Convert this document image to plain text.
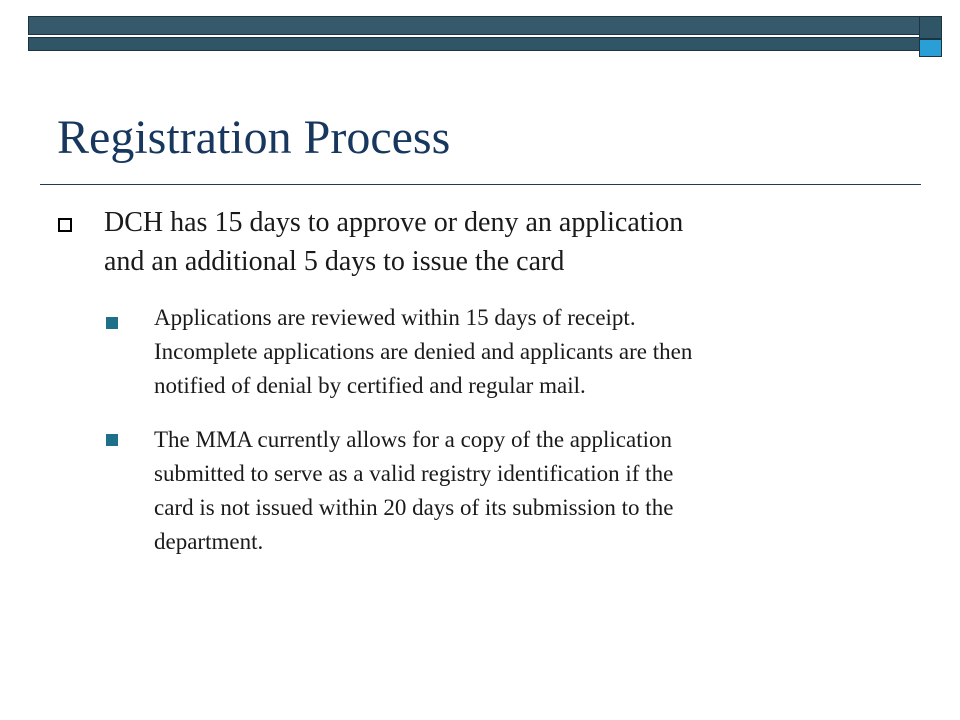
Registration Process
DCH has 15 days to approve or deny an application
and an additional 5 days to issue the card
Applications are reviewed within 15 days of receipt.
Incomplete applications are denied and applicants are then
notified of denial by certified and regular mail.
The MMA currently allows for a copy of the application
submitted to serve as a valid registry identification if the
card is not issued within 20 days of its submission to the
department.
